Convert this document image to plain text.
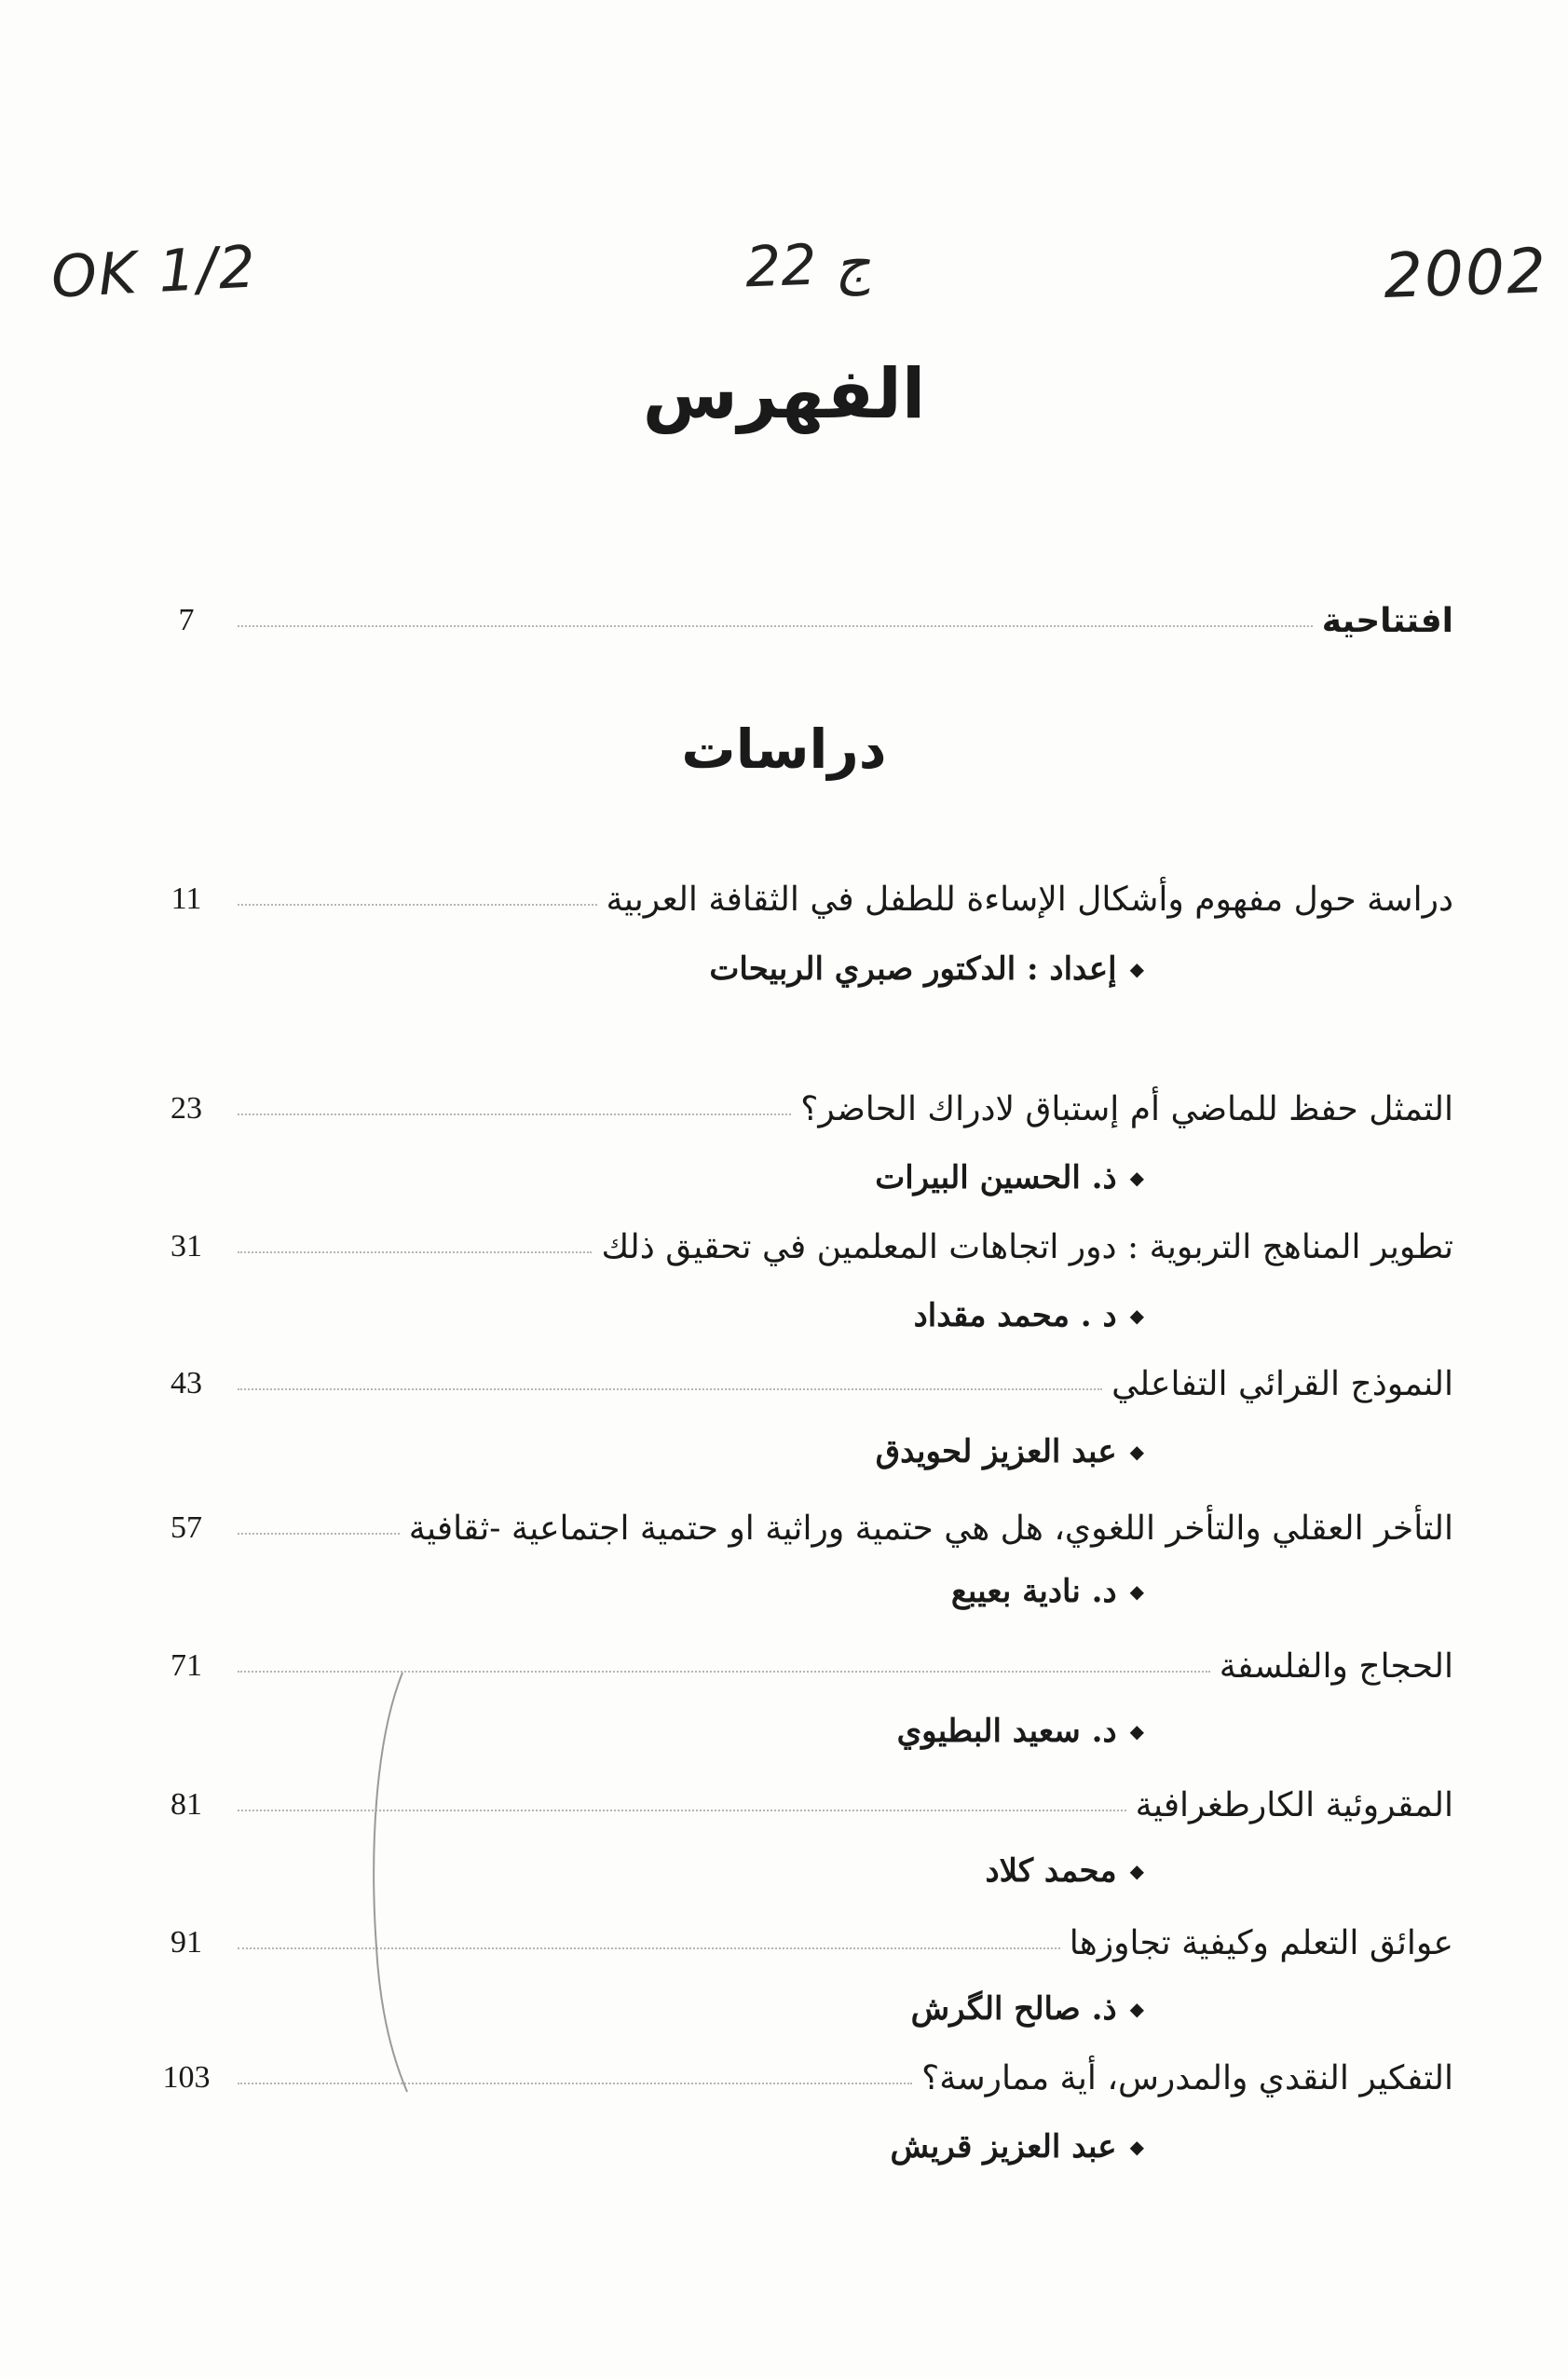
OK 1/2	22 ج	2002
الفهرس
7	افتتاحية
دراسات
11	دراسة حول مفهوم وأشكال الإساءة للطفل في الثقافة العربية
◆
إعداد : الدكتور صبري الربيحات
23	التمثل حفظ للماضي أم إستباق لادراك الحاضر؟
◆
ذ. الحسين البيرات
31	تطوير المناهج التربوية : دور اتجاهات المعلمين في تحقيق ذلك
◆
د . محمد مقداد
43	النموذج القرائي التفاعلي
◆
عبد العزيز لحويدق
57	التأخر العقلي والتأخر اللغوي، هل هي حتمية وراثية او حتمية اجتماعية -ثقافية
◆
د. نادية بعيبع
71	الحجاج والفلسفة
◆
د. سعيد البطيوي
81	المقروئية الكارطغرافية
◆
محمد كلاد
91	عوائق التعلم وكيفية تجاوزها
◆
ذ. صالح الگرش
103	التفكير النقدي والمدرس، أية ممارسة؟
◆
عبد العزيز قريش
